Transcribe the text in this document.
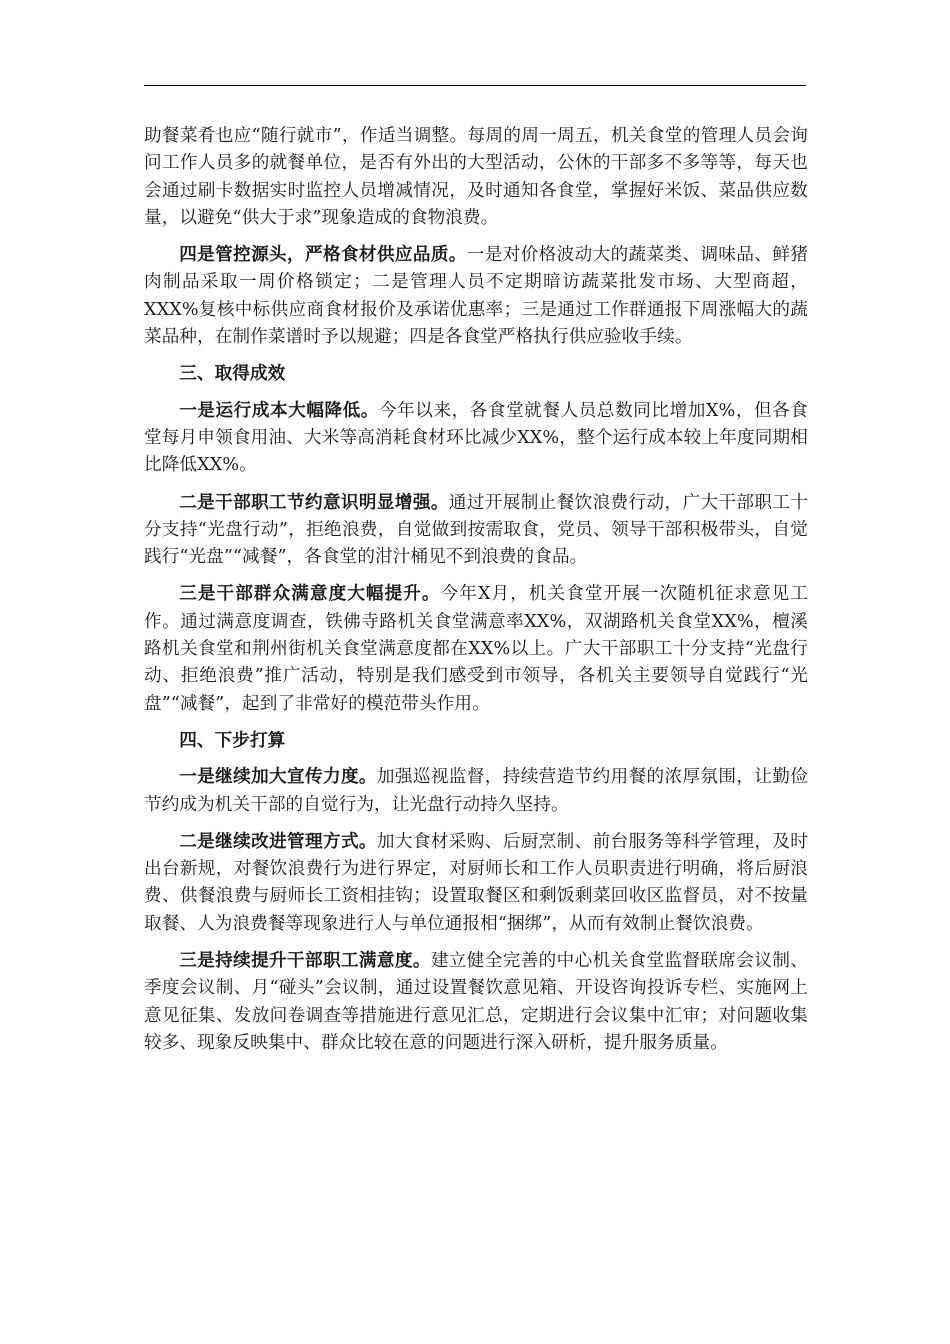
助餐菜肴也应“随行就市”，作适当调整。每周的周一周五，机关食堂的管理人员会询问工作人员多的就餐单位，是否有外出的大型活动，公休的干部多不多等等，每天也会通过刷卡数据实时监控人员增减情况，及时通知各食堂，掌握好米饭、菜品供应数量，以避免“供大于求”现象造成的食物浪费。

四是管控源头，严格食材供应品质。一是对价格波动大的蔬菜类、调味品、鲜猪肉制品采取一周价格锁定；二是管理人员不定期暗访蔬菜批发市场、大型商超，XXX%复核中标供应商食材报价及承诺优惠率；三是通过工作群通报下周涨幅大的蔬菜品种，在制作菜谱时予以规避；四是各食堂严格执行供应验收手续。

三、取得成效

一是运行成本大幅降低。今年以来，各食堂就餐人员总数同比增加X%，但各食堂每月申领食用油、大米等高消耗食材环比减少XX%，整个运行成本较上年度同期相比降低XX%。

二是干部职工节约意识明显增强。通过开展制止餐饮浪费行动，广大干部职工十分支持“光盘行动”，拒绝浪费，自觉做到按需取食，党员、领导干部积极带头，自觉践行“光盘”“减餐”，各食堂的泔汁桶见不到浪费的食品。

三是干部群众满意度大幅提升。今年X月，机关食堂开展一次随机征求意见工作。通过满意度调查，铁佛寺路机关食堂满意率XX%，双湖路机关食堂XX%，檀溪路机关食堂和荆州街机关食堂满意度都在XX%以上。广大干部职工十分支持“光盘行动、拒绝浪费”推广活动，特别是我们感受到市领导，各机关主要领导自觉践行“光盘”“减餐”，起到了非常好的模范带头作用。

四、下步打算

一是继续加大宣传力度。加强巡视监督，持续营造节约用餐的浓厚氛围，让勤俭节约成为机关干部的自觉行为，让光盘行动持久坚持。

二是继续改进管理方式。加大食材采购、后厨烹制、前台服务等科学管理，及时出台新规，对餐饮浪费行为进行界定，对厨师长和工作人员职责进行明确，将后厨浪费、供餐浪费与厨师长工资相挂钩；设置取餐区和剩饭剩菜回收区监督员，对不按量取餐、人为浪费餐等现象进行人与单位通报相“捆绑”，从而有效制止餐饮浪费。

三是持续提升干部职工满意度。建立健全完善的中心机关食堂监督联席会议制、季度会议制、月“碰头”会议制，通过设置餐饮意见箱、开设咨询投诉专栏、实施网上意见征集、发放问卷调查等措施进行意见汇总，定期进行会议集中汇审；对问题收集较多、现象反映集中、群众比较在意的问题进行深入研析，提升服务质量。
